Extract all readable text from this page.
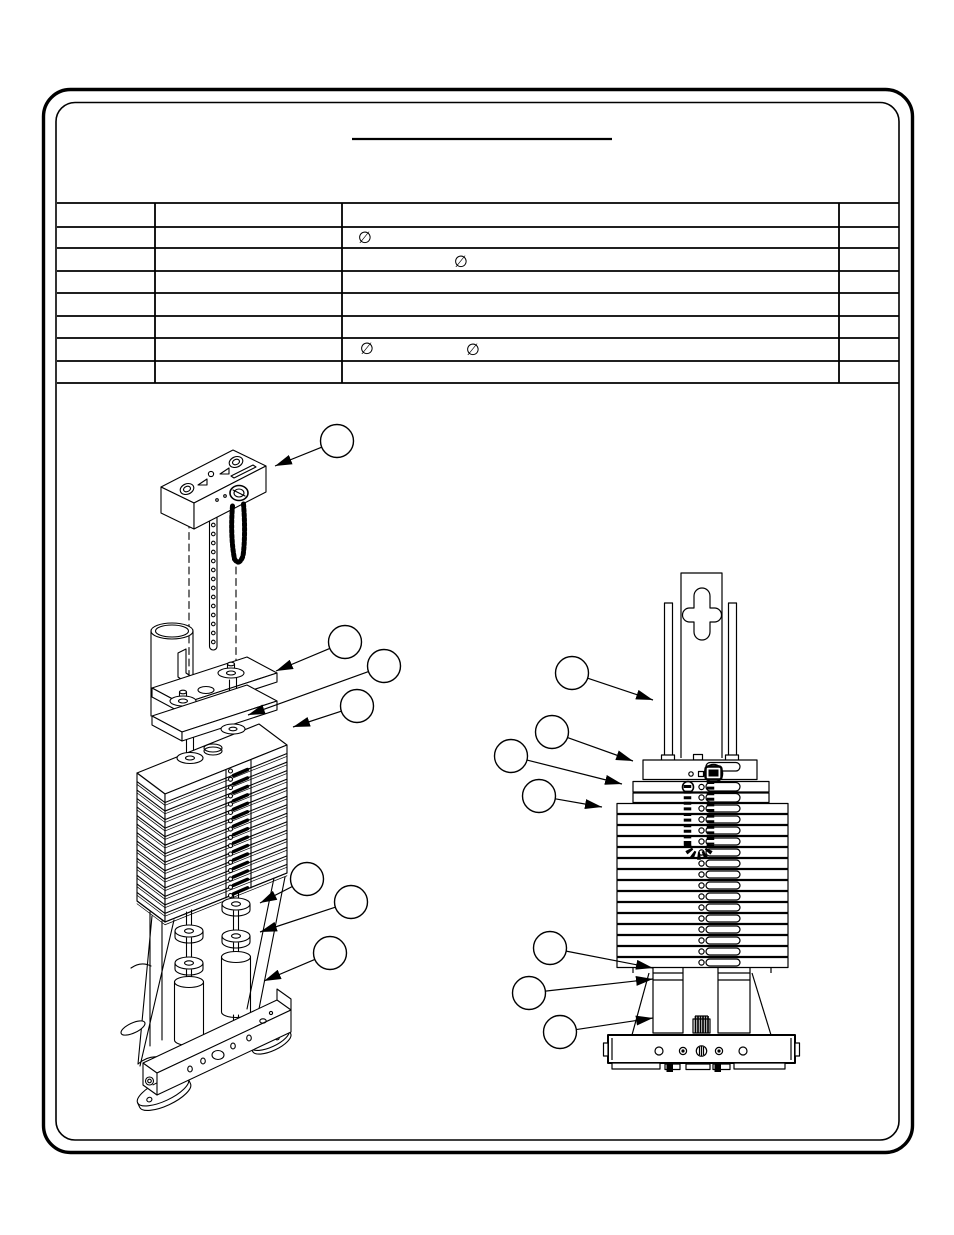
∅
∅
∅	∅
